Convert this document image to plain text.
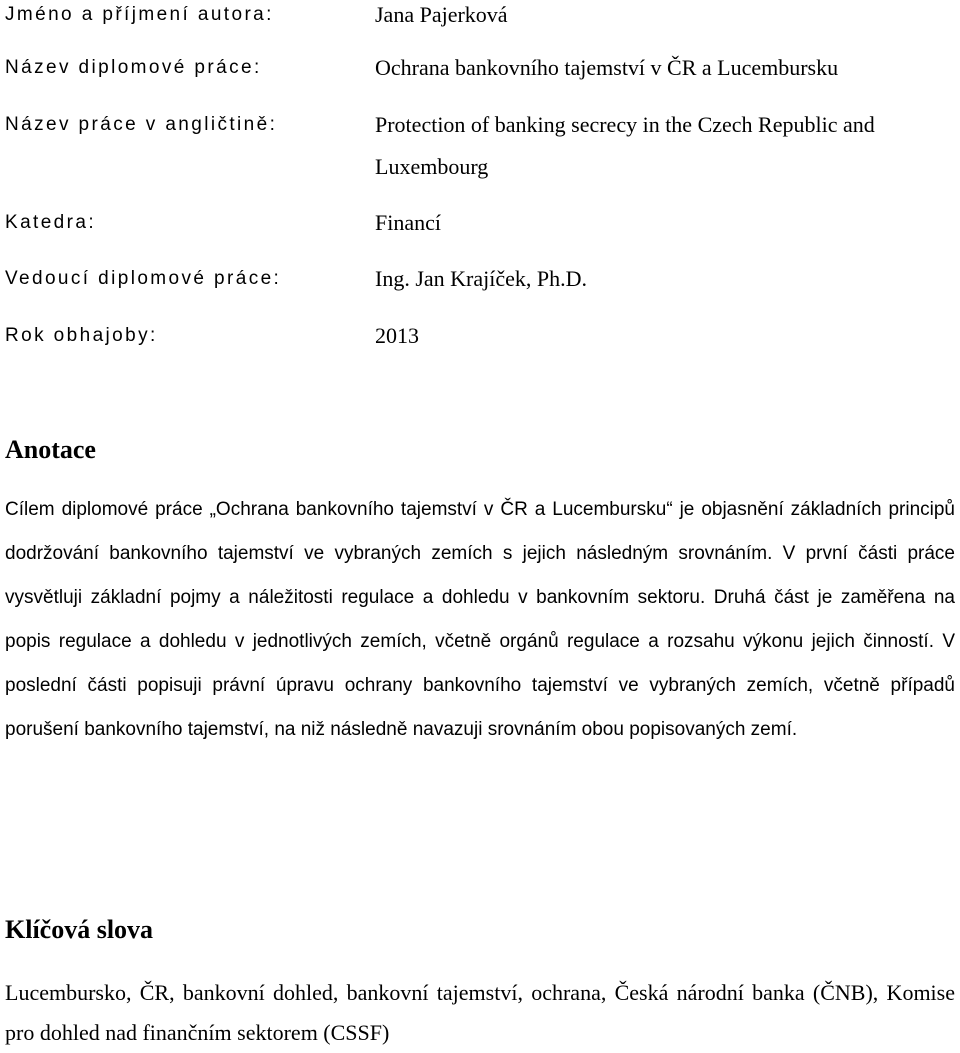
Jméno a příjmení autora:	Jana Pajerková
Název diplomové práce:	Ochrana bankovního tajemství v ČR a Lucembursku
Název práce v angličtině:	Protection of banking secrecy in the Czech Republic and
Luxembourg
Katedra:	Financí
Vedoucí diplomové práce:	Ing. Jan Krajíček, Ph.D.
Rok obhajoby:	2013
Anotace

Cílem diplomové práce „Ochrana bankovního tajemství v ČR a Lucembursku“ je objasnění základních principů dodržování bankovního tajemství ve vybraných zemích s jejich následným srovnáním. V první části práce vysvětluji základní pojmy a náležitosti regulace a dohledu v bankovním sektoru. Druhá část je zaměřena na popis regulace a dohledu v jednotlivých zemích, včetně orgánů regulace a rozsahu výkonu jejich činností. V poslední části popisuji právní úpravu ochrany bankovního tajemství ve vybraných zemích, včetně případů porušení bankovního tajemství, na niž následně navazuji srovnáním obou popisovaných zemí.

Klíčová slova

Lucembursko, ČR, bankovní dohled, bankovní tajemství, ochrana, Česká národní banka (ČNB), Komise pro dohled nad finančním sektorem (CSSF)
